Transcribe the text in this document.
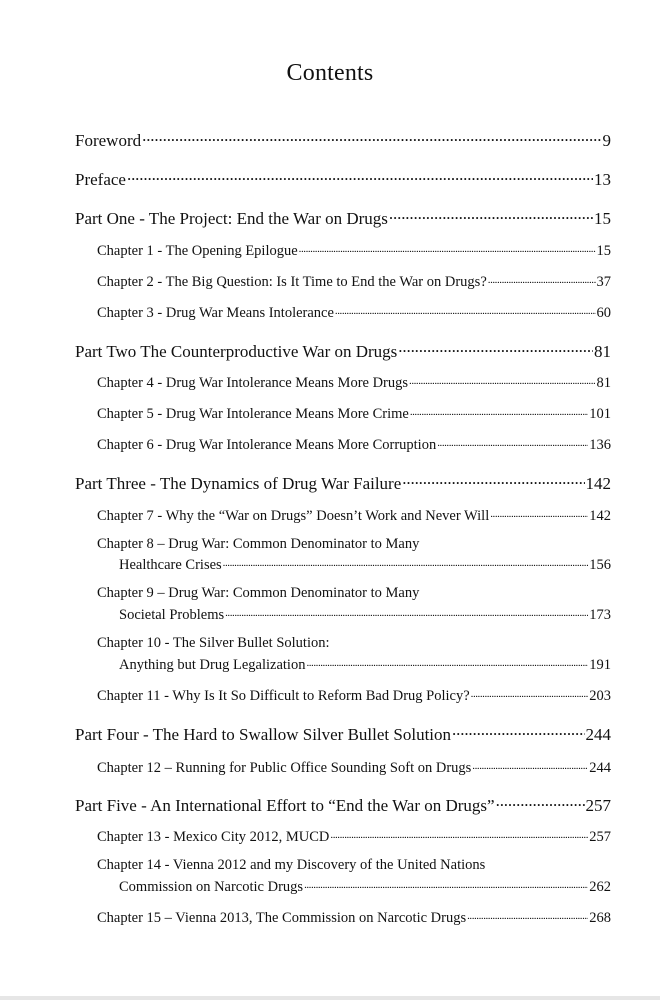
Contents
Foreword . . .	9
Preface . . .	13
Part One - The Project: End the War on Drugs . . .	15
Chapter 1 - The Opening Epilogue . . .	15
Chapter 2 - The Big Question: Is It Time to End the War on Drugs? . . .	37
Chapter 3 - Drug War Means Intolerance . . .	60
Part Two The Counterproductive War on Drugs . . .	81
Chapter 4 - Drug War Intolerance Means More Drugs . . .	81
Chapter 5 - Drug War Intolerance Means More Crime . . .	101
Chapter 6 - Drug War Intolerance Means More Corruption . . .	136
Part Three - The Dynamics of Drug War Failure . . .	142
Chapter 7 - Why the “War on Drugs” Doesn’t Work and Never Will . . .	142
Chapter 8 – Drug War: Common Denominator to Many
Healthcare Crises . . .	156
Chapter 9 – Drug War: Common Denominator to Many
Societal Problems . . .	173
Chapter 10 - The Silver Bullet Solution:
Anything but Drug Legalization . . .	191
Chapter 11 - Why Is It So Difficult to Reform Bad Drug Policy? . . .	203
Part Four - The Hard to Swallow Silver Bullet Solution . . .	244
Chapter 12 – Running for Public Office Sounding Soft on Drugs . . .	244
Part Five - An International Effort to “End the War on Drugs” . . .	257
Chapter 13 - Mexico City 2012, MUCD . . .	257
Chapter 14 - Vienna 2012 and my Discovery of the United Nations
Commission on Narcotic Drugs . . .	262
Chapter 15 – Vienna 2013, The Commission on Narcotic Drugs . . .	268
